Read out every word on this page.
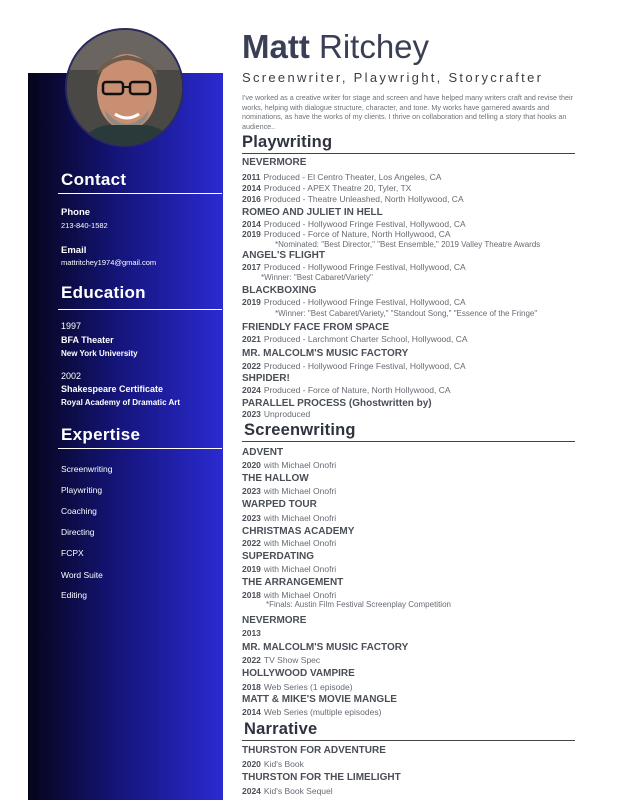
Contact
Phone
213-840-1582
Email
mattritchey1974@gmail.com
Education
1997
BFA Theater
New York University
2002
Shakespeare Certificate
Royal Academy of Dramatic Art
Expertise
Screenwriting
Playwriting
Coaching
Directing
FCPX
Word Suite
Editing
Matt Ritchey
Screenwriter, Playwright, Storycrafter
I've worked as a creative writer for stage and screen and have helped many writers craft and revise their works, helping with dialogue structure, character, and tone. My works have garnered awards and nominations, as have the works of my clients. I thrive on collaboration and telling a story that hooks an audience..
Playwriting
NEVERMORE
2011 Produced - El Centro Theater, Los Angeles, CA
2014 Produced - APEX Theatre 20, Tyler, TX
2016 Produced - Theatre Unleashed, North Hollywood, CA
ROMEO AND JULIET IN HELL
2014 Produced - Hollywood Fringe Festival, Hollywood, CA
2019 Produced - Force of Nature, North Hollywood, CA
*Nominated: "Best Director," "Best Ensemble," 2019 Valley Theatre Awards
ANGEL'S FLIGHT
2017 Produced - Hollywood Fringe Festival, Hollywood, CA
*Winner: "Best Cabaret/Variety"
BLACKBOXING
2019 Produced - Hollywood Fringe Festival, Hollywood, CA
*Winner: "Best Cabaret/Variety," "Standout Song," "Essence of the Fringe"
FRIENDLY FACE FROM SPACE
2021 Produced - Larchmont Charter School, Hollywood, CA
MR. MALCOLM'S MUSIC FACTORY
2022 Produced - Hollywood Fringe Festival, Hollywood, CA
SHPIDER!
2024 Produced - Force of Nature, North Hollywood, CA
PARALLEL PROCESS (Ghostwritten by)
2023 Unproduced
Screenwriting
ADVENT
2020 with Michael Onofri
THE HALLOW
2023 with Michael Onofri
WARPED TOUR
2023 with Michael Onofri
CHRISTMAS ACADEMY
2022 with Michael Onofri
SUPERDATING
2019 with Michael Onofri
THE ARRANGEMENT
2018 with Michael Onofri
*Finals: Austin Film Festival Screenplay Competition
NEVERMORE
2013
MR. MALCOLM'S MUSIC FACTORY
2022 TV Show Spec
HOLLYWOOD VAMPIRE
2018 Web Series (1 episode)
MATT & MIKE'S MOVIE MANGLE
2014 Web Series (multiple episodes)
Narrative
THURSTON FOR ADVENTURE
2020 Kid's Book
THURSTON FOR THE LIMELIGHT
2024 Kid's Book Sequel
